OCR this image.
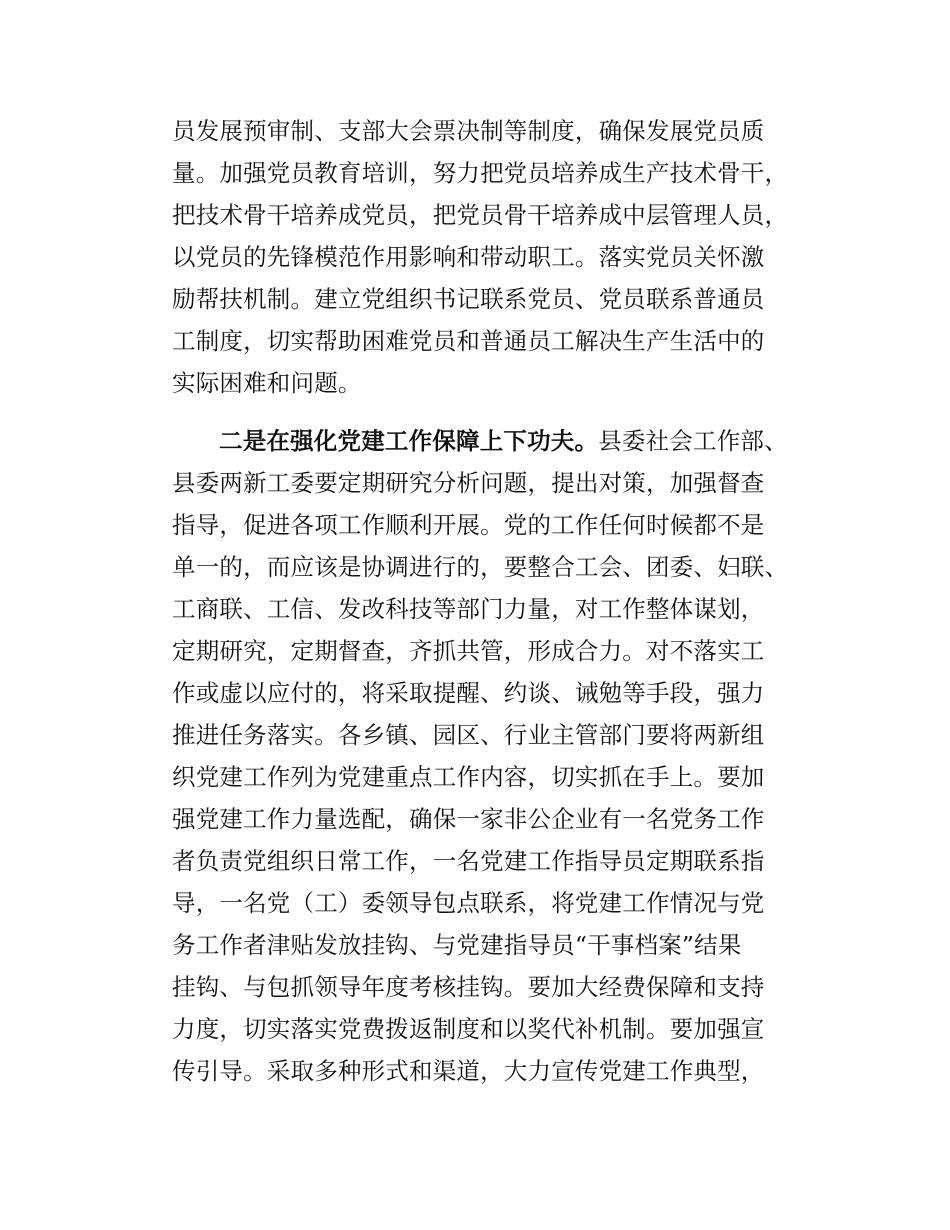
员发展预审制、支部大会票决制等制度，确保发展党员质
量。加强党员教育培训，努力把党员培养成生产技术骨干，
把技术骨干培养成党员，把党员骨干培养成中层管理人员，
以党员的先锋模范作用影响和带动职工。落实党员关怀激
励帮扶机制。建立党组织书记联系党员、党员联系普通员
工制度，切实帮助困难党员和普通员工解决生产生活中的
实际困难和问题。
二是在强化党建工作保障上下功夫。县委社会工作部、
县委两新工委要定期研究分析问题，提出对策，加强督查
指导，促进各项工作顺利开展。党的工作任何时候都不是
单一的，而应该是协调进行的，要整合工会、团委、妇联、
工商联、工信、发改科技等部门力量，对工作整体谋划，
定期研究，定期督查，齐抓共管，形成合力。对不落实工
作或虚以应付的，将采取提醒、约谈、诫勉等手段，强力
推进任务落实。各乡镇、园区、行业主管部门要将两新组
织党建工作列为党建重点工作内容，切实抓在手上。要加
强党建工作力量选配，确保一家非公企业有一名党务工作
者负责党组织日常工作，一名党建工作指导员定期联系指
导，一名党（工）委领导包点联系，将党建工作情况与党
务工作者津贴发放挂钩、与党建指导员“干事档案”结果
挂钩、与包抓领导年度考核挂钩。要加大经费保障和支持
力度，切实落实党费拨返制度和以奖代补机制。要加强宣
传引导。采取多种形式和渠道，大力宣传党建工作典型，
